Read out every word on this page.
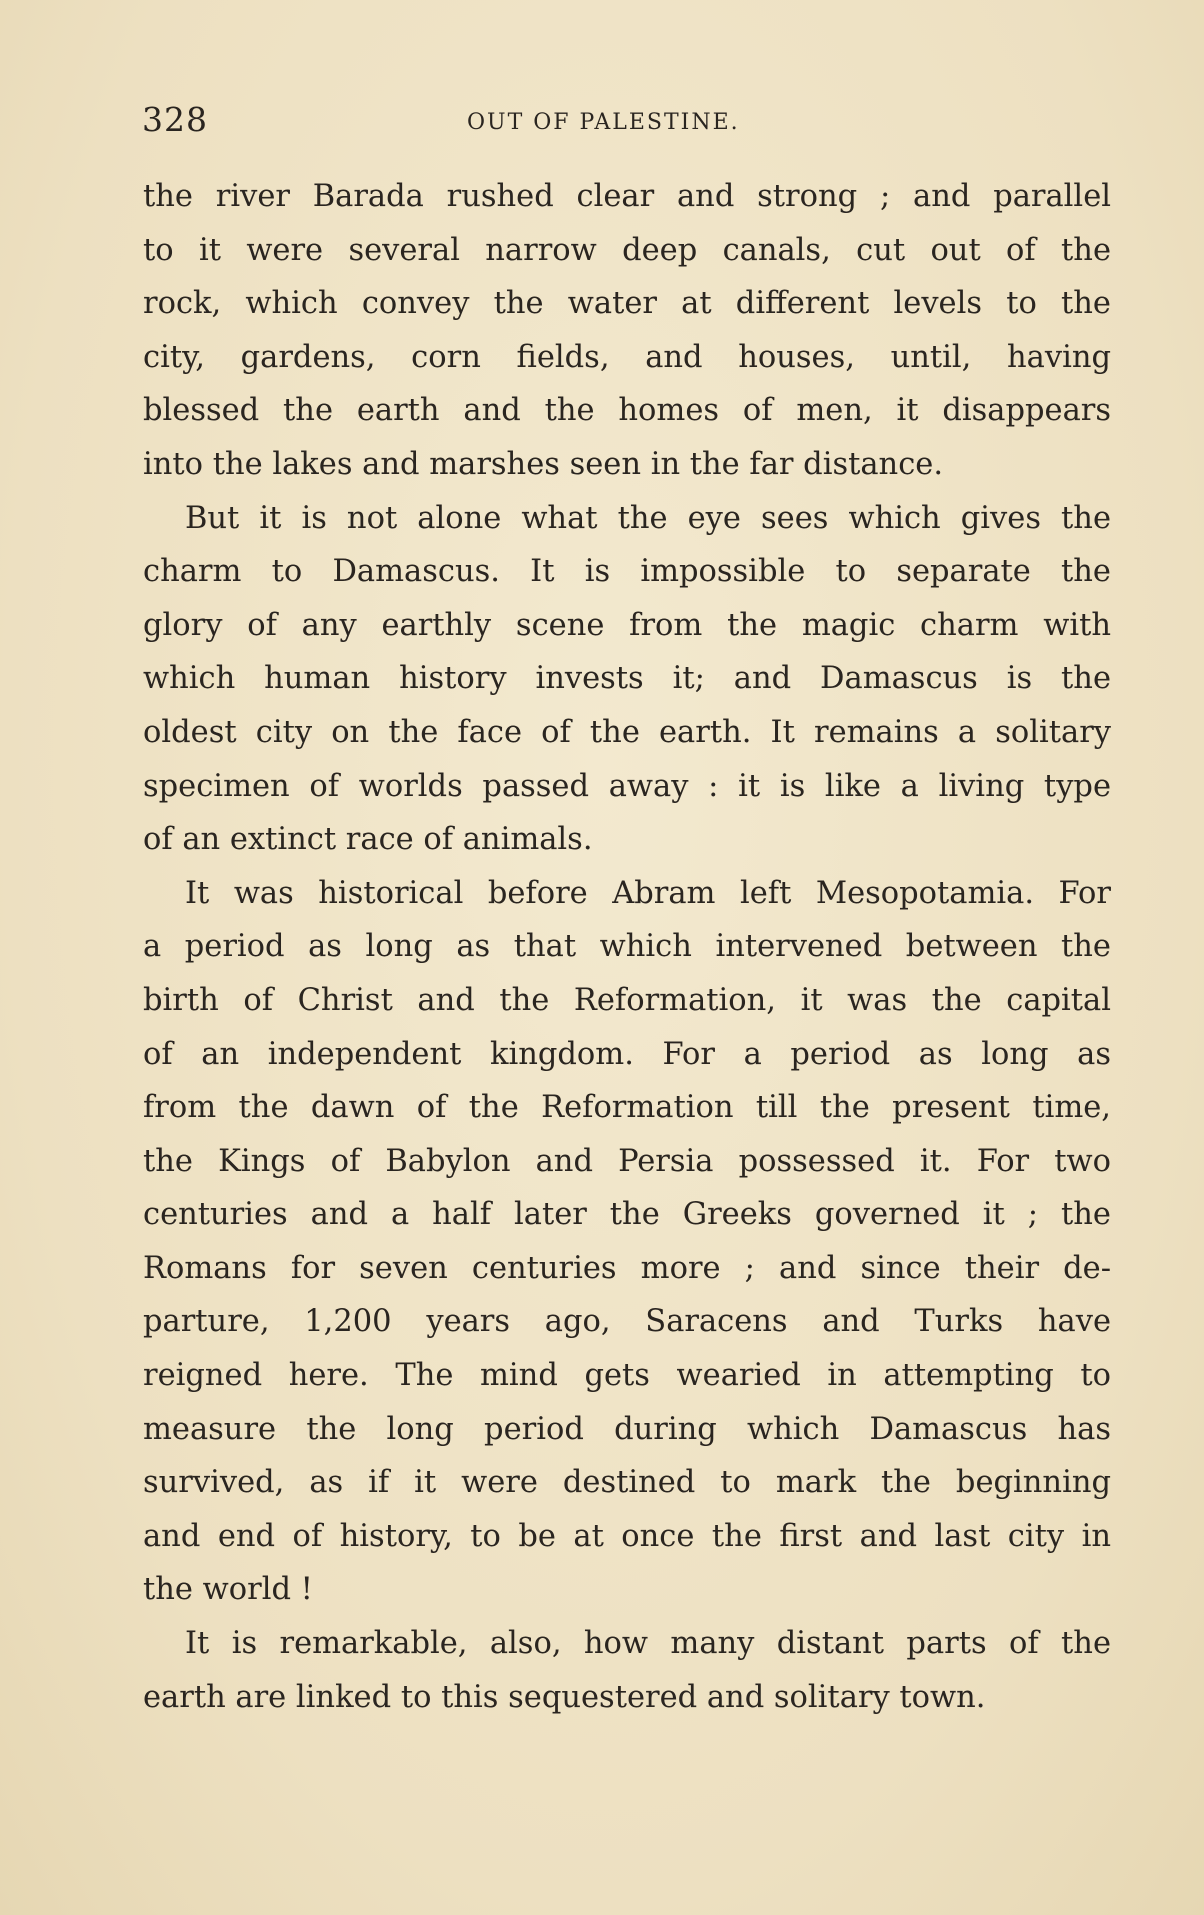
328	OUT OF PALESTINE.
the river Barada rushed clear and strong ; and parallel
to it were several narrow deep canals, cut out of the
rock, which convey the water at different levels to the
city, gardens, corn fields, and houses, until, having
blessed the earth and the homes of men, it disappears
into the lakes and marshes seen in the far distance.
But it is not alone what the eye sees which gives the
charm to Damascus. It is impossible to separate the
glory of any earthly scene from the magic charm with
which human history invests it; and Damascus is the
oldest city on the face of the earth. It remains a solitary
specimen of worlds passed away : it is like a living type
of an extinct race of animals.
It was historical before Abram left Mesopotamia. For
a period as long as that which intervened between the
birth of Christ and the Reformation, it was the capital
of an independent kingdom. For a period as long as
from the dawn of the Reformation till the present time,
the Kings of Babylon and Persia possessed it. For two
centuries and a half later the Greeks governed it ; the
Romans for seven centuries more ; and since their de-
parture, 1,200 years ago, Saracens and Turks have
reigned here. The mind gets wearied in attempting to
measure the long period during which Damascus has
survived, as if it were destined to mark the beginning
and end of history, to be at once the first and last city in
the world !
It is remarkable, also, how many distant parts of the
earth are linked to this sequestered and solitary town.
